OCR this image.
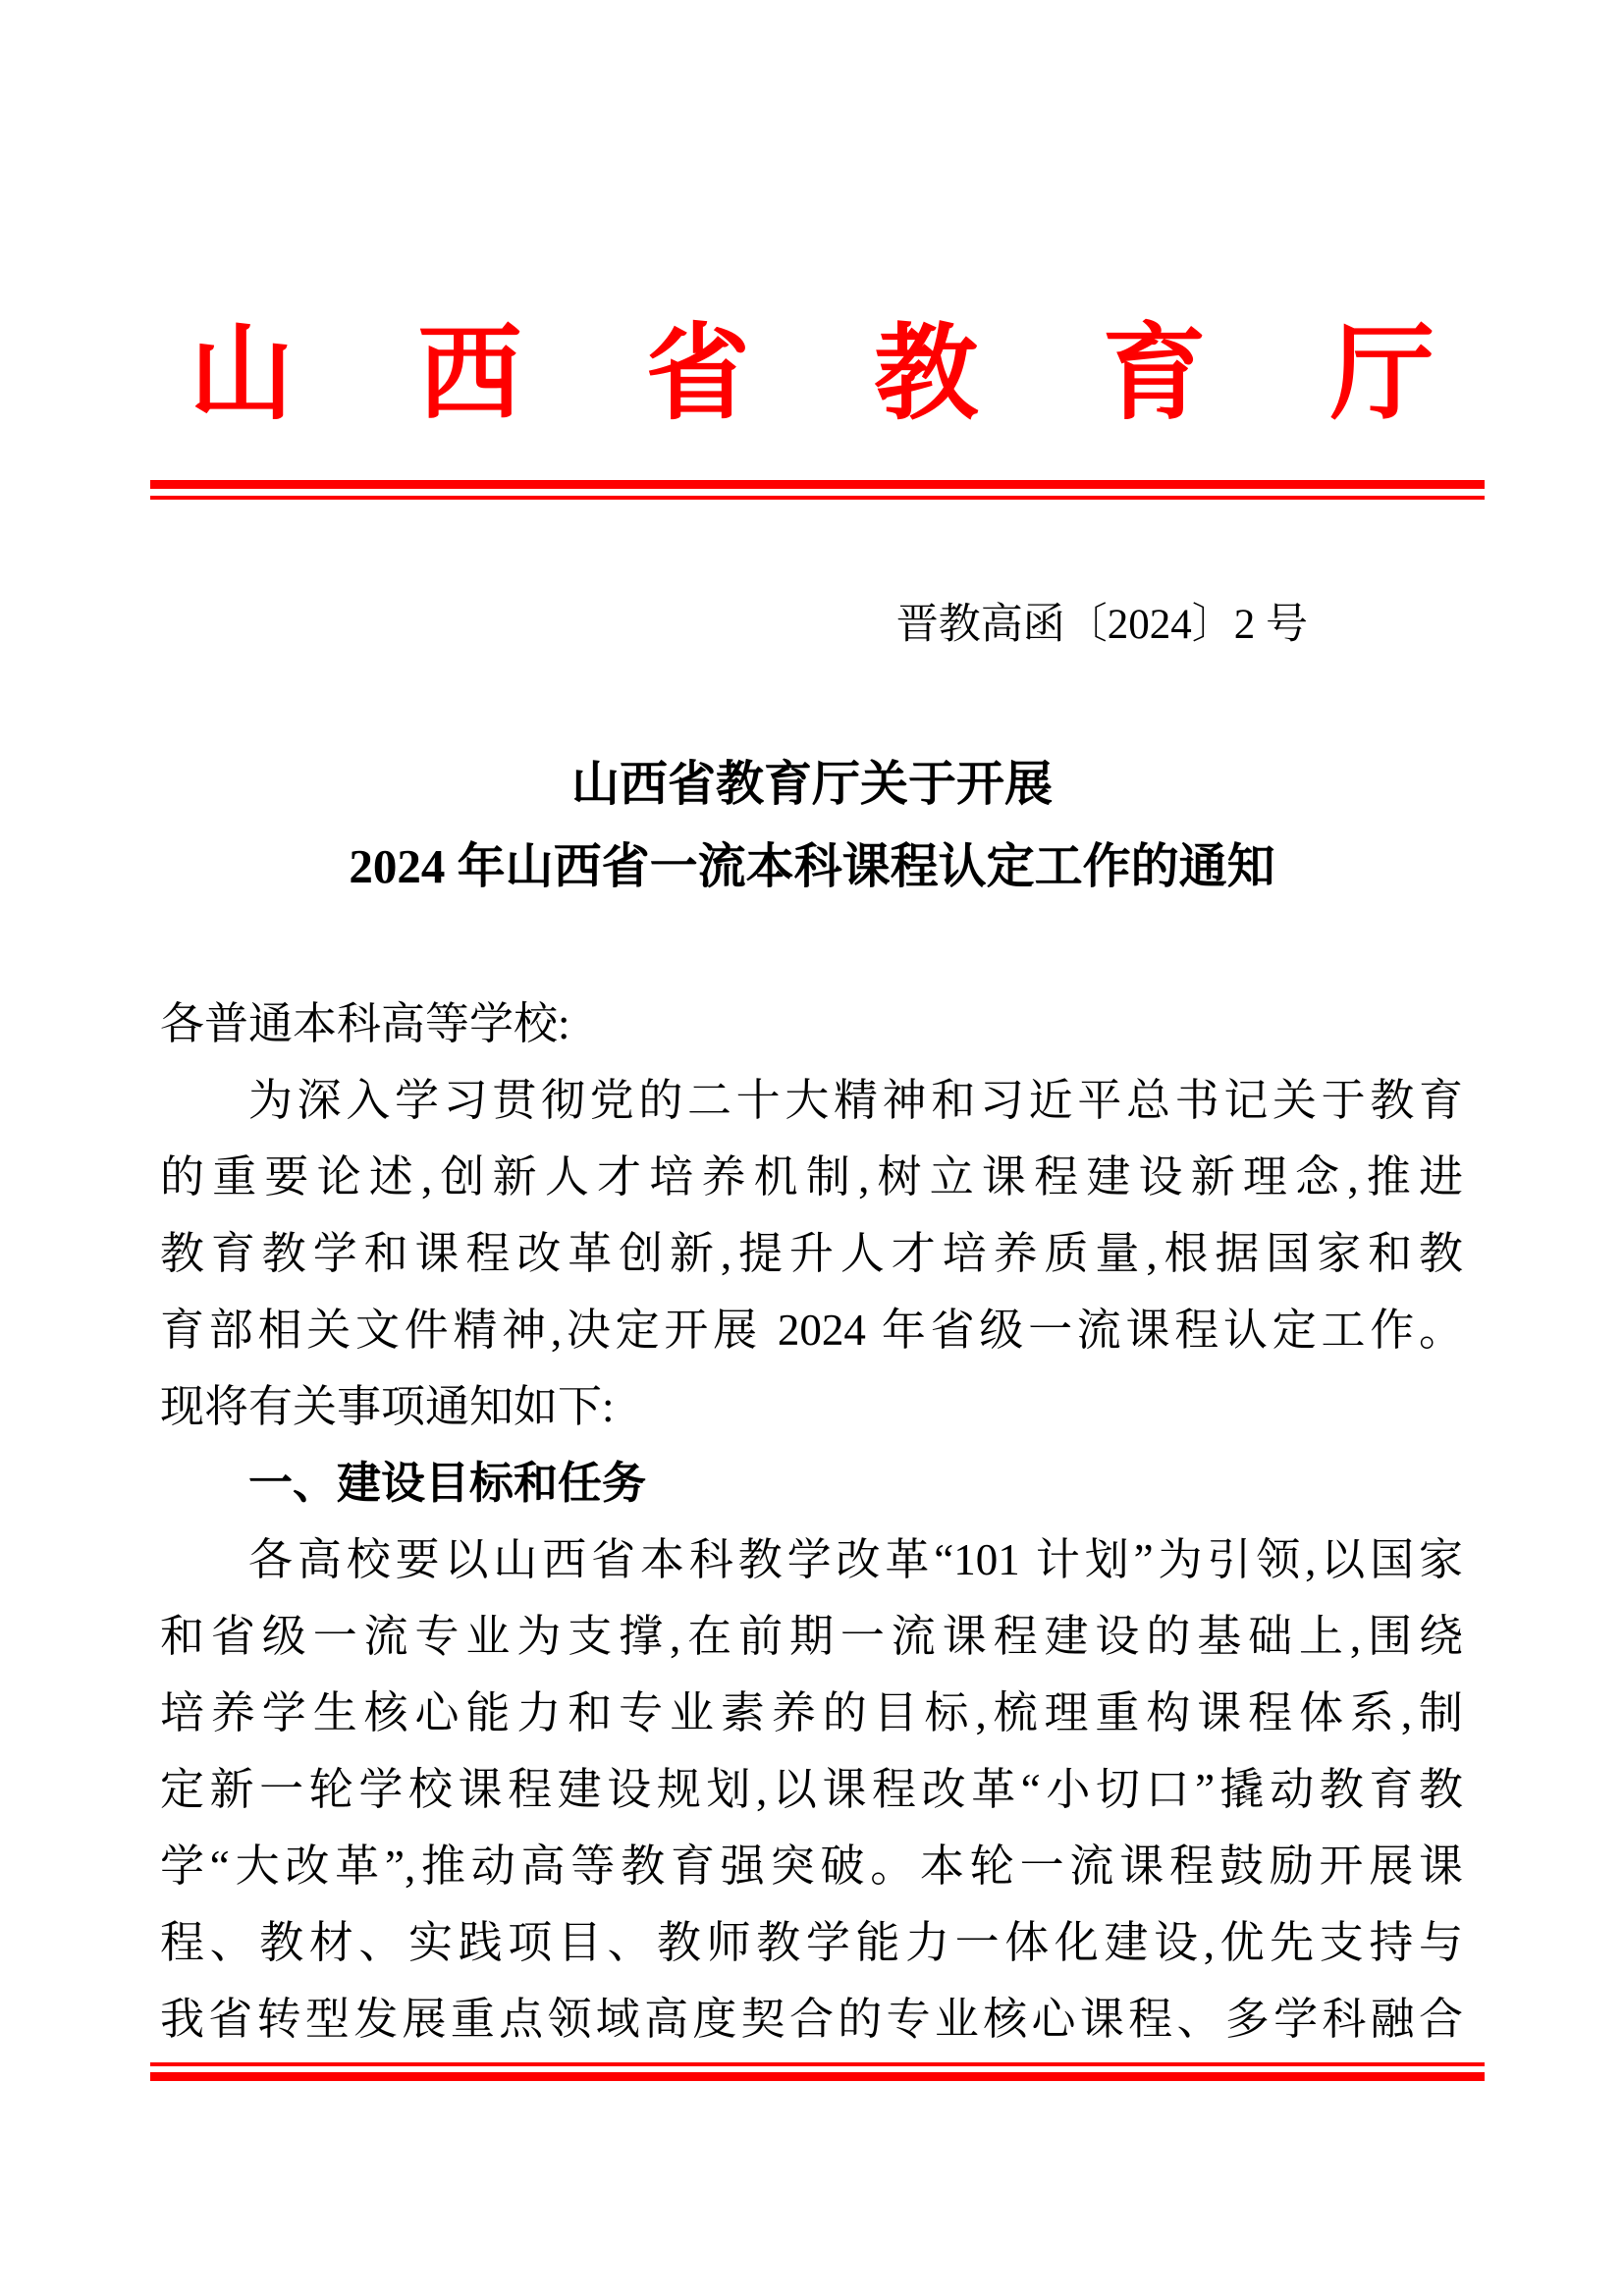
山西省教育厅
晋教高函〔2024〕2 号
山西省教育厅关于开展
2024 年山西省一流本科课程认定工作的通知
各普通本科高等学校:
为深入学习贯彻党的二十大精神和习近平总书记关于教育
的重要论述,创新人才培养机制,树立课程建设新理念,推进
教育教学和课程改革创新,提升人才培养质量,根据国家和教
育部相关文件精神,决定开展 2024 年省级一流课程认定工作。
现将有关事项通知如下:
一、建设目标和任务
各高校要以山西省本科教学改革“101 计划”为引领,以国家
和省级一流专业为支撑,在前期一流课程建设的基础上,围绕
培养学生核心能力和专业素养的目标,梳理重构课程体系,制
定新一轮学校课程建设规划,以课程改革“小切口”撬动教育教
学“大改革”,推动高等教育强突破。本轮一流课程鼓励开展课
程、教材、实践项目、教师教学能力一体化建设,优先支持与
我省转型发展重点领域高度契合的专业核心课程、多学科融合
